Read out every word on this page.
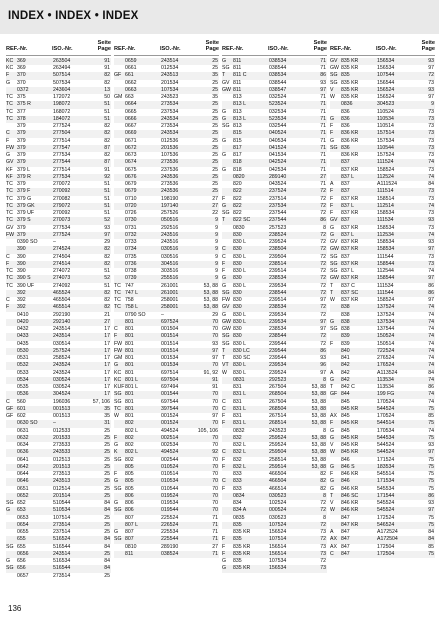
INDEX • INDEX • INDEX
REF.-Nr.	ISO.-Nr.
Seite
Page
KC 369	263504	91
KC 369	263494	91
F	370	507514	82
G	370	507534	82
0372	243604	13
TC 375	172072	50
TC 375 R	198072	51
TC 377	168072	51
TC 378	184072	51
379	277524	82
C	379	277504	82
F	379	277514	82
FW 379	277547	87
G	379	277534	82
GV 379	277544	87
KF 379 L	277514	91
KF 379 R	277534	92
TC 379	270072	51
TC 379 F	270092	51
TC 379 G	270082	51
TC 379 GK	279072	51
TC 379 UF	270092	51
TC 379 S	270073	52
GV 379	277534	93
FW 379	277524	97
0390 SO	–	29
390	274524	82
C	390	274504	82
F	390	274514	82
TC 390	274072	51
TC 390 S	274073	52
TC 390 UF	274092	51
392	465524	82
C	392	465504	82
F	392	465514	82
0410	292190	21
0420	292140	27
0432	243514	17
0433	243514	17
0435	030514	17
0530	257524	17
0531	258524	17
0532	243524	17
0533	243524	17
0534	030524	17
0535	030524	17
0536	304524	17
C	560	196036	57, 106
GF 601	001513	35
GF 602	001513	35
0630 SO	–	31
0631	012533	25
0632	201533	25
0634	273533	25
0636	243533	25
0641	012513	25
0642	201513	25
0644	273513	25
0646	243513	25
0651	012514	25
0652	201514	25
SG 652	510544	84
G	653	510534	84
0653	107514	25
0654	273514	25
0655	237514	25
655	516524	84
SG 655	516544	84
0656	243514	25
G	656	516534	84
SG 656	516544	84
0657	273514	25
REF.-Nr.	ISO.-Nr.
Seite
Page
0659	243514	25
0661	012534	25
GF 661	243513	35
0662	201534	25
0663	107534	25
GM 663	243523	35
0664	273534	25
0665	237534	25
0666	243534	25
0667	273534	25
0669	243534	25
0671	012536	25
0672	201536	25
0673	107536	25
0674	273536	25
0675	237536	25
0676	243536	25
0679	273536	25
0679	243536	25
0710	198190	27
0720	197140	27
0726	257526	22
0730	050516	9
0731	292516	9
0732	243516	9
0733	243516	9
0734	030516	9
0735	030516	9
0736	304516	9
0738	303516	9
0739	255516	9
TC 747	261001	53, 88
TC 747 L	261001	53, 88
TC 758	258001	53, 88
TC 758 L	258001	53, 88
0790 SO	–	29
801	697524	70
C	801	001504	70
F	801	001514	70
FW 801	001514	93
FW 801	001514	97
GM 801	001534	97
G	801	001534	70
KC 801	697514	91, 92
KC 801 L	697504	91
KUF 801 L	697494	91
SG 801	001544	70
SG 801	697544	70
TC 801	397544	70
W	801	001524	97
802	001524	70
802 L	494524	105, 106
F	802	002514	70
G	802	002534	70
K	802 L	494524	92
SG 802	002544	70
805	010524	70
F	805	010514	70
G	805	010534	70
SG 805	010544	70
806	019524	70
G	806	019534	70
SG 806	019544	70
807	225524	71
807 L	226524	71
G	807	225534	71
SG 807	225544	71
0810	289190	27
811	038524	71
REF.-Nr.	ISO.-Nr.
Seite
Page
G	811	038534	71
SG 811	038544	71
T	811 C	038534	86
GV 811	038544	93
GW 811	038547	97
813	032524	71
813 L	523524	71
G	813	032534	71
G	813 L	523534	71
SG 813	032544	71
815	040524	71
G	815	040534	71
817	041524	71
G	817	041534	71
818	042524	71
G	818	042534	71
0820	289140	27
820	043524	71
822	237524	72
F	822	237514	72
G	822	237534	72
SG 822	237544	72
T	822 SC	237544	86
0830	257523	8
830	238524	72
830 L	239524	72
C	830	238504	72
C	830 L	239504	72
F	830	238514	72
F	830 L	239514	72
G	830	238534	72
G	830 L	239534	72
SG 830	238544	72
FW 830	239514	97
GV 830	238534	72
G	830 L	239534	72
GW 830 L	239534	97
GW 830	238534	97
SG 830	238544	72
SG 830 L	239544	72
T	830 LC	239544	86
T	830 SC	239544	93
VT 830 L	239534	96
W	830 L	239524	97
0831	292523	8
831	267504	53, 88
831 L	268504	53, 88
C	831	267504	53, 88
C	831 L	268504	53, 88
F	831	267514	53, 88
F	831 L	268514	53, 88
0832	243523	8
832	259524	53, 88
832 L	259524	53, 88
C	832 L	259504	53, 88
F	832	258514	53, 88
F	832 L	259514	53, 88
833	466504	82
C	833	466504	82
F	833	466514	82
0834	030523	8
834	102524	72
834 A	000524	72
0835	030523	8
835	107524	72
835 KR	156524	73
F	835	107514	72
F	835 KR	156514	73
F	835 KR	156514	73
G	835	107534	72
G	835 KR	156534	73
REF.-Nr.	ISO.-Nr.
Seite
Page
GV 835 KR	156534	93
GW 835 KR	156534	97
SG 835	107544	72
SG 835 KR	156544	73
V	835 KR	156524	93
W	835 KR	156524	97
0836	304523	9
836	110524	73
G	836	110534	73
F	836	110514	73
F	836 KR	157514	73
G	836 KR	157534	73
SG 836	110544	73
836 KR	157524	73
837	111524	74
837 KR	158524	73
837 L	112524	74
A	837	A111524	84
F	837	111514	73
F	837 KR	158514	73
F	837 L	112514	74
F	837 KR	158534	73
GV 837	111534	93
G	837 KR	158534	73
G	837 L	112534	74
GV 837 KR	158534	93
GW 837 KR	158534	97
SG 837	111544	73
SG 837 KR	158544	73
SG 837 L	112544	74
GW 837 KR	158544	97
T	837 C	111534	86
T	837 SC	111544	86
W	837 KR	158524	97
838	137524	74
838	137524	74
G	838	137534	74
SG 838	137544	74
839	150524	74
F	839	150514	74
840	722524	74
841	276524	74
842	176524	74
A	842	A113524	84
G	842	113534	74
T	842 C	113534	86
GF 844	199 FG	74
845	170524	74
845 KR	544524	75
AX 845	170524	85
F	845 KR	544514	75
G	845	170534	74
G	845 KR	544534	75
V	845 KR	544524	93
W	845 KR	544524	97
846	171524	75
G	846 S	183534	75
F	846 KR	545514	75
G	846	171534	75
G	846 KR	545534	75
T	846 SC	171544	86
V	846 KR	545524	93
W	846 KR	545524	97
847	172524	75
847 KR	546524	75
A	847	A172524	84
AX 847	A172504	84
AX 847	172504	85
C	847	172504	75
136
